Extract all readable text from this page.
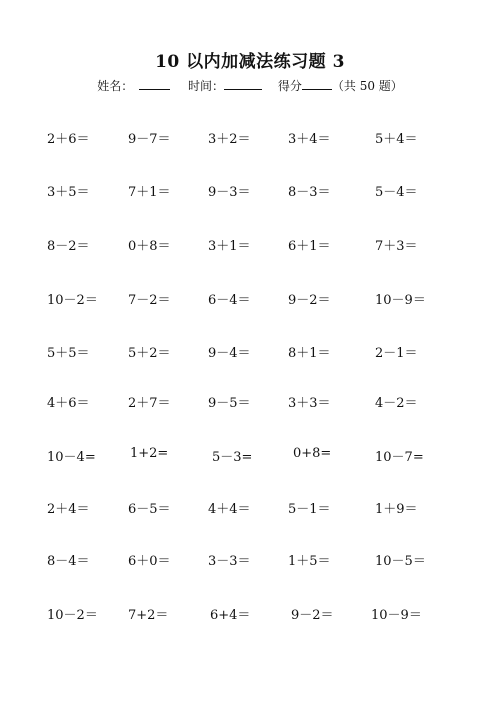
10 以内加减法练习题 3
姓名：	时间：	得分	（共 50 题）
2＋6＝	9－7＝	3＋2＝	3＋4＝	5＋4＝
3＋5＝	7＋1＝	9－3＝	8－3＝	5－4＝
8－2＝	0＋8＝	3＋1＝	6＋1＝	7＋3＝
10－2＝ 7－2＝	6－4＝	9－2＝	10－9＝
5＋5＝	5＋2＝	9－4＝	8＋1＝	2－1＝
4＋6＝	2＋7＝	9－5＝	3＋3＝	4－2＝
10－4=	1+2=	5－3=	0+8=	10－7=
2＋4＝	6－5＝	4＋4＝	5－1＝	1＋9＝
8－4＝	6＋0＝	3－3＝	1＋5＝	10－5＝
10－2＝ 7+2＝	6+4＝	9－2＝	10－9＝
